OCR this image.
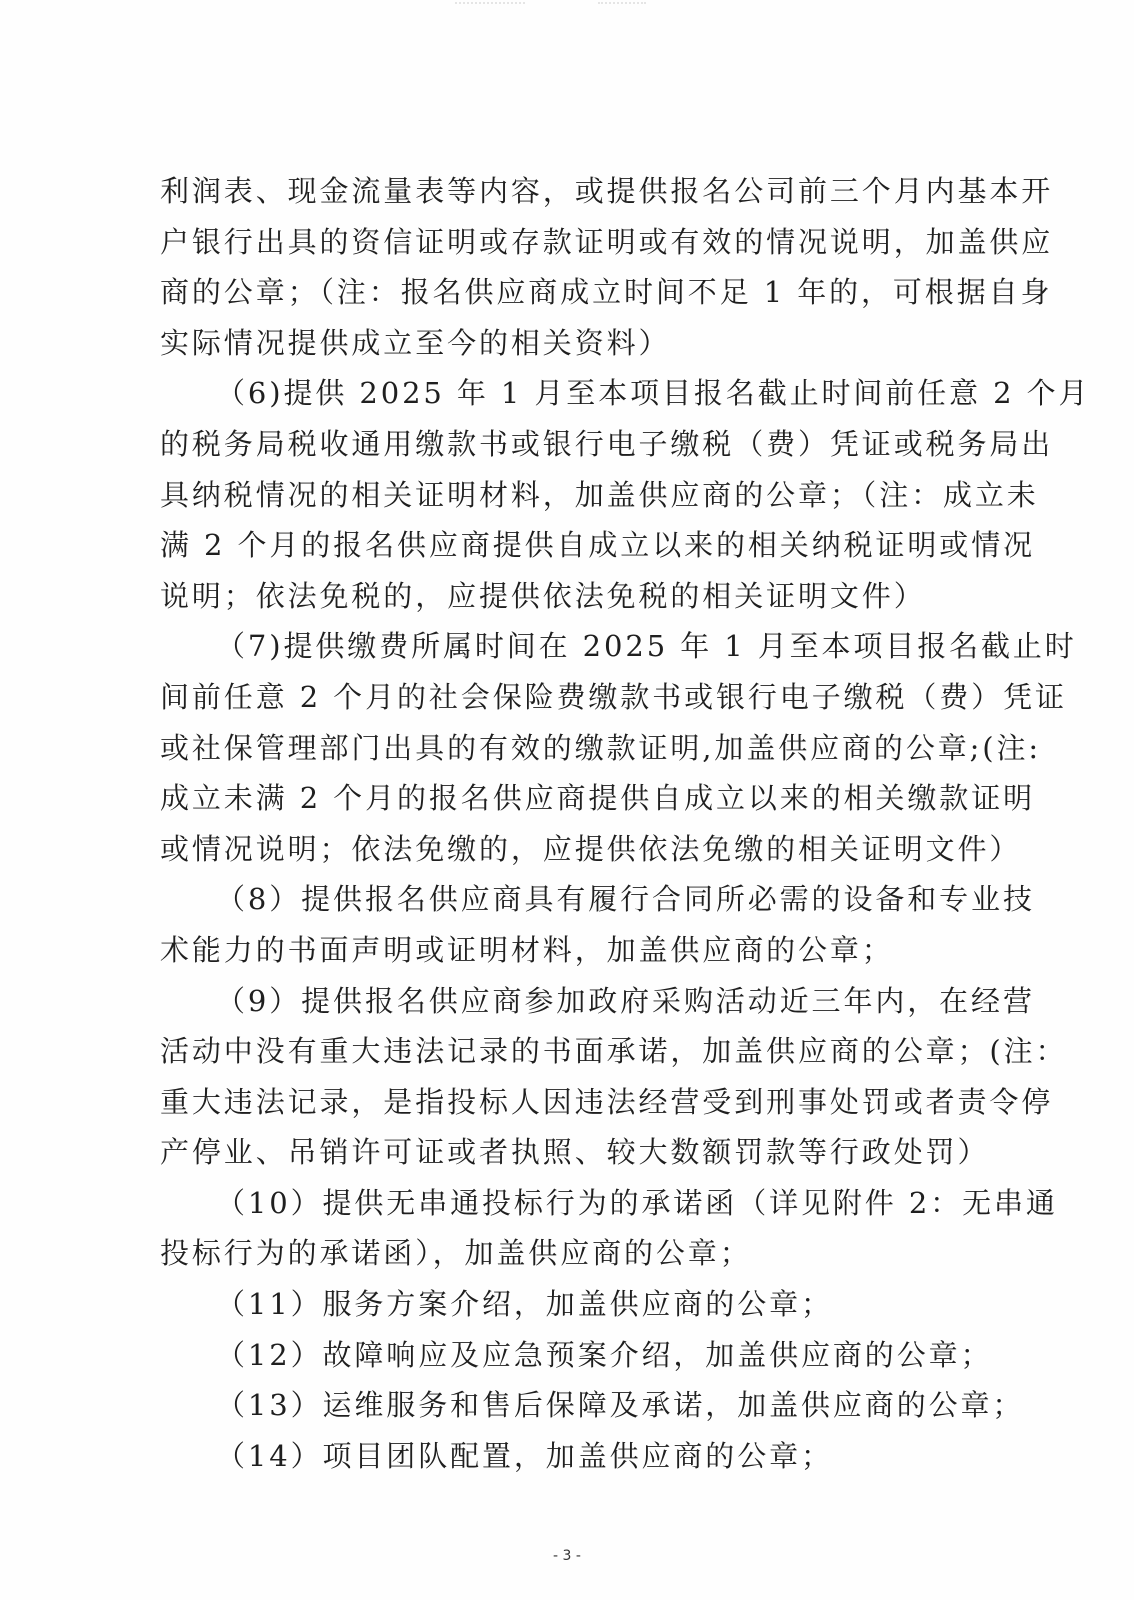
利润表、现金流量表等内容，或提供报名公司前三个月内基本开
户银行出具的资信证明或存款证明或有效的情况说明，加盖供应
商的公章；（注：报名供应商成立时间不足 1 年的，可根据自身
实际情况提供成立至今的相关资料）
（6)提供 2025 年 1 月至本项目报名截止时间前任意 2 个月
的税务局税收通用缴款书或银行电子缴税（费）凭证或税务局出
具纳税情况的相关证明材料，加盖供应商的公章；（注：成立未
满 2 个月的报名供应商提供自成立以来的相关纳税证明或情况
说明；依法免税的，应提供依法免税的相关证明文件）
（7)提供缴费所属时间在 2025 年 1 月至本项目报名截止时
间前任意 2 个月的社会保险费缴款书或银行电子缴税（费）凭证
或社保管理部门出具的有效的缴款证明,加盖供应商的公章;(注:
成立未满 2 个月的报名供应商提供自成立以来的相关缴款证明
或情况说明；依法免缴的，应提供依法免缴的相关证明文件）
（8）提供报名供应商具有履行合同所必需的设备和专业技
术能力的书面声明或证明材料，加盖供应商的公章；
（9）提供报名供应商参加政府采购活动近三年内，在经营
活动中没有重大违法记录的书面承诺，加盖供应商的公章；(注：
重大违法记录，是指投标人因违法经营受到刑事处罚或者责令停
产停业、吊销许可证或者执照、较大数额罚款等行政处罚）
（10）提供无串通投标行为的承诺函（详见附件 2：无串通
投标行为的承诺函），加盖供应商的公章；
（11）服务方案介绍，加盖供应商的公章；
（12）故障响应及应急预案介绍，加盖供应商的公章；
（13）运维服务和售后保障及承诺，加盖供应商的公章；
（14）项目团队配置，加盖供应商的公章；
- 3 -
